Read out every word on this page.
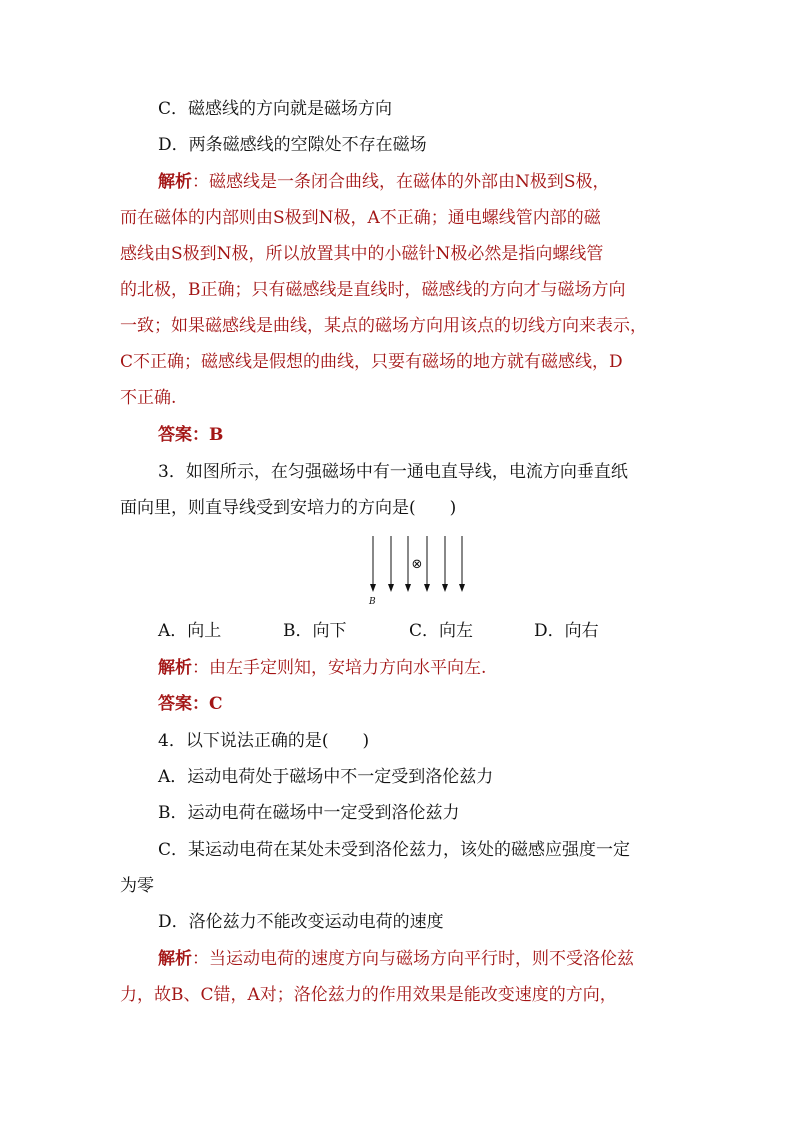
C．磁感线的方向就是磁场方向
D．两条磁感线的空隙处不存在磁场
解析：磁感线是一条闭合曲线，在磁体的外部由N极到S极，
而在磁体的内部则由S极到N极，A不正确；通电螺线管内部的磁
感线由S极到N极，所以放置其中的小磁针N极必然是指向螺线管
的北极，B正确；只有磁感线是直线时，磁感线的方向才与磁场方向
一致；如果磁感线是曲线，某点的磁场方向用该点的切线方向来表示，
C不正确；磁感线是假想的曲线，只要有磁场的地方就有磁感线，D
不正确.
答案：B
3．如图所示，在匀强磁场中有一通电直导线，电流方向垂直纸
面向里，则直导线受到安培力的方向是(　　)
⊗
B
A．向上	B．向下	C．向左	D．向右
解析：由左手定则知，安培力方向水平向左.
答案：C
4．以下说法正确的是(　　)
A．运动电荷处于磁场中不一定受到洛伦兹力
B．运动电荷在磁场中一定受到洛伦兹力
C．某运动电荷在某处未受到洛伦兹力，该处的磁感应强度一定
为零
D．洛伦兹力不能改变运动电荷的速度
解析：当运动电荷的速度方向与磁场方向平行时，则不受洛伦兹
力，故B、C错，A对；洛伦兹力的作用效果是能改变速度的方向，
